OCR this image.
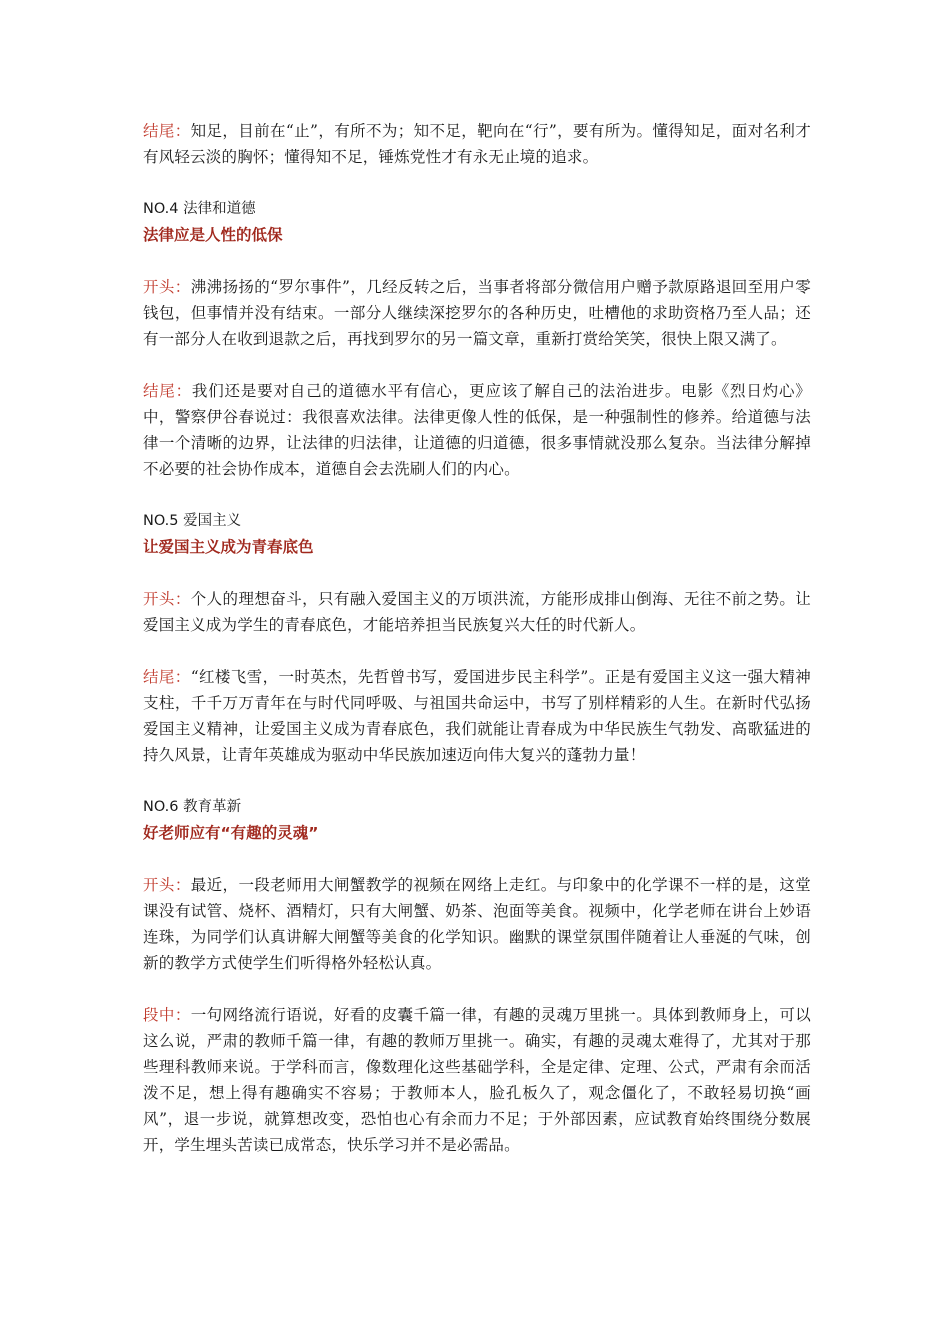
结尾：知足，目前在“止”，有所不为；知不足，靶向在“行”，要有所为。懂得知足，面对名利才有风轻云淡的胸怀；懂得知不足，锤炼党性才有永无止境的追求。

NO.4 法律和道德

法律应是人性的低保

开头：沸沸扬扬的“罗尔事件”，几经反转之后，当事者将部分微信用户赠予款原路退回至用户零钱包，但事情并没有结束。一部分人继续深挖罗尔的各种历史，吐槽他的求助资格乃至人品；还有一部分人在收到退款之后，再找到罗尔的另一篇文章，重新打赏给笑笑，很快上限又满了。

结尾：我们还是要对自己的道德水平有信心，更应该了解自己的法治进步。电影《烈日灼心》中，警察伊谷春说过：我很喜欢法律。法律更像人性的低保，是一种强制性的修养。给道德与法律一个清晰的边界，让法律的归法律，让道德的归道德，很多事情就没那么复杂。当法律分解掉不必要的社会协作成本，道德自会去洗刷人们的内心。

NO.5 爱国主义

让爱国主义成为青春底色

开头：个人的理想奋斗，只有融入爱国主义的万顷洪流，方能形成排山倒海、无往不前之势。让爱国主义成为学生的青春底色，才能培养担当民族复兴大任的时代新人。

结尾：“红楼飞雪，一时英杰，先哲曾书写，爱国进步民主科学”。正是有爱国主义这一强大精神支柱，千千万万青年在与时代同呼吸、与祖国共命运中，书写了别样精彩的人生。在新时代弘扬爱国主义精神，让爱国主义成为青春底色，我们就能让青春成为中华民族生气勃发、高歌猛进的持久风景，让青年英雄成为驱动中华民族加速迈向伟大复兴的蓬勃力量！

NO.6 教育革新

好老师应有“有趣的灵魂”

开头：最近，一段老师用大闸蟹教学的视频在网络上走红。与印象中的化学课不一样的是，这堂课没有试管、烧杯、酒精灯，只有大闸蟹、奶茶、泡面等美食。视频中，化学老师在讲台上妙语连珠，为同学们认真讲解大闸蟹等美食的化学知识。幽默的课堂氛围伴随着让人垂涎的气味，创新的教学方式使学生们听得格外轻松认真。

段中：一句网络流行语说，好看的皮囊千篇一律，有趣的灵魂万里挑一。具体到教师身上，可以这么说，严肃的教师千篇一律，有趣的教师万里挑一。确实，有趣的灵魂太难得了，尤其对于那些理科教师来说。于学科而言，像数理化这些基础学科，全是定律、定理、公式，严肃有余而活泼不足，想上得有趣确实不容易；于教师本人，脸孔板久了，观念僵化了，不敢轻易切换“画风”，退一步说，就算想改变，恐怕也心有余而力不足；于外部因素，应试教育始终围绕分数展开，学生埋头苦读已成常态，快乐学习并不是必需品。
